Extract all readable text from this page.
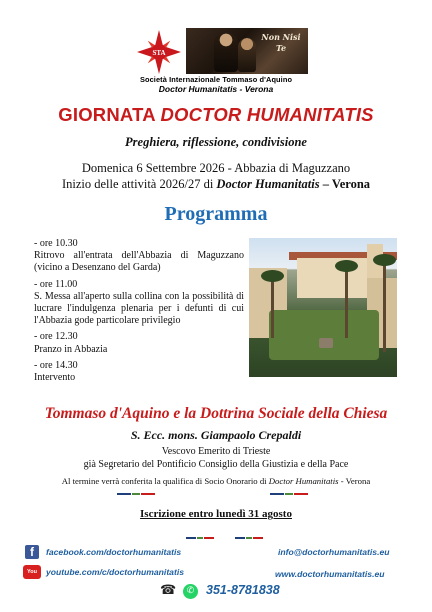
STA
Non Nisi
Te
Società Internazionale Tommaso d'Aquino
Doctor Humanitatis - Verona
GIORNATA DOCTOR HUMANITATIS
Preghiera, riflessione, condivisione
Domenica 6 Settembre 2026 - Abbazia di Maguzzano
Inizio delle attività 2026/27 di Doctor Humanitatis – Verona
Programma
- ore 10.30
Ritrovo all'entrata dell'Abbazia di Maguzzano (vicino a Desenzano del Garda)
- ore 11.00
S. Messa all'aperto sulla collina con la possibilità di lucrare l'indulgenza plenaria per i defunti di cui l'Abbazia gode particolare privilegio
- ore 12.30
Pranzo in Abbazia
- ore 14.30
Intervento
Tommaso d'Aquino e la Dottrina Sociale della Chiesa
S. Ecc. mons. Giampaolo Crepaldi
Vescovo Emerito di Trieste
già Segretario del Pontificio Consiglio della Giustizia e della Pace
Al termine verrà conferita la qualifica di Socio Onorario di Doctor Humanitatis - Verona
Iscrizione entro lunedì 31 agosto
f	facebook.com/doctorhumanitatis
You Tube
youtube.com/c/doctorhumanitatis
info@doctorhumanitatis.eu
www.doctorhumanitatis.eu
☎	✆ 351-8781838
